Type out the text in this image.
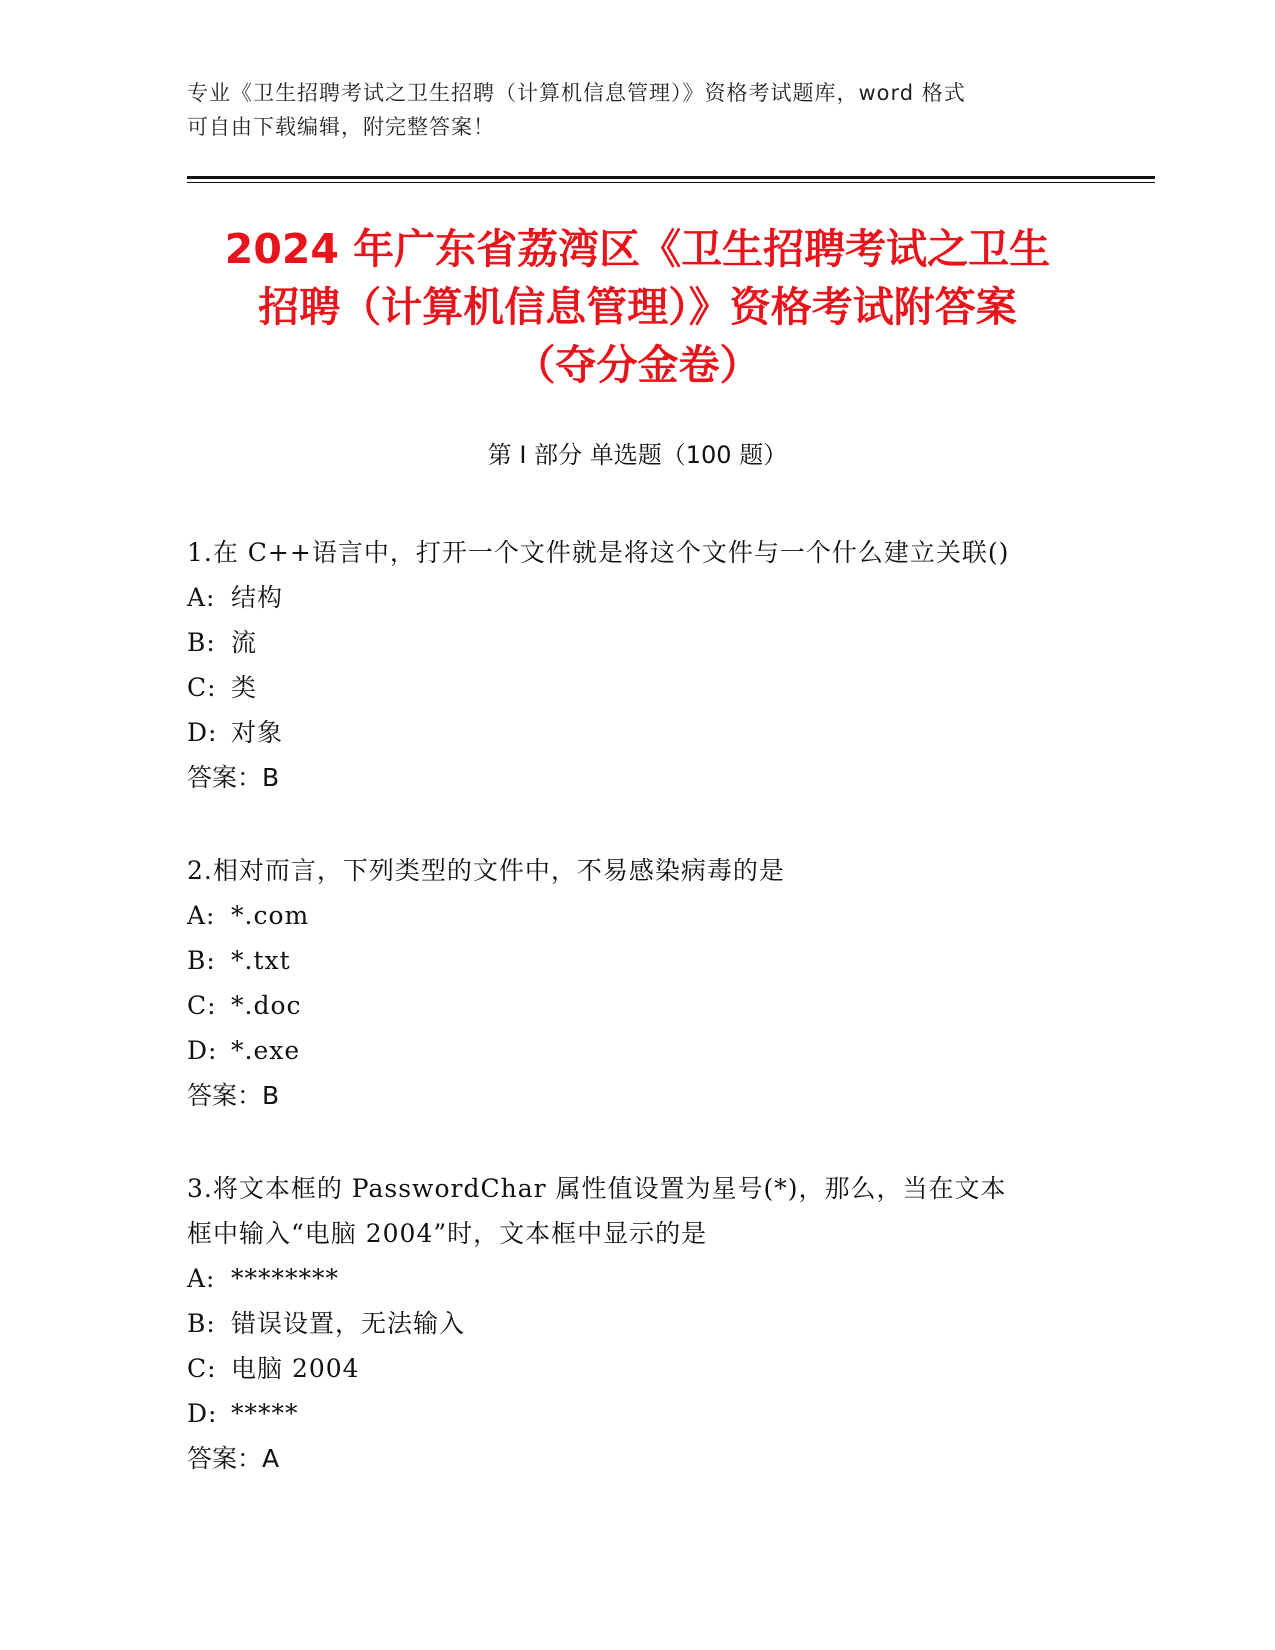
专业《卫生招聘考试之卫生招聘（计算机信息管理）》资格考试题库，word 格式
可自由下载编辑，附完整答案！
2024 年广东省荔湾区《卫生招聘考试之卫生
招聘（计算机信息管理）》资格考试附答案
（夺分金卷）
第 I 部分 单选题（100 题）
1.在 C++语言中，打开一个文件就是将这个文件与一个什么建立关联()
A: 结构
B: 流
C: 类
D: 对象
答案：B
2.相对而言，下列类型的文件中，不易感染病毒的是
A: *.com
B: *.txt
C: *.doc
D: *.exe
答案：B
3.将文本框的 PasswordChar 属性值设置为星号(*)，那么，当在文本
框中输入“电脑 2004”时，文本框中显示的是
A: ********
B: 错误设置，无法输入
C: 电脑 2004
D: *****
答案：A
